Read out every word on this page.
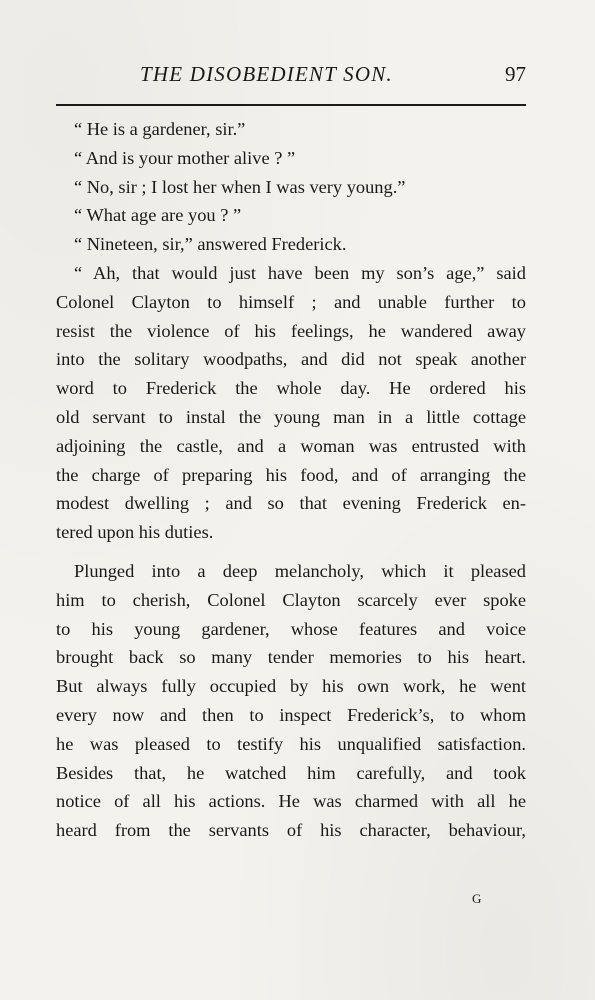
THE DISOBEDIENT SON.	97
“ He is a gardener, sir.”
“ And is your mother alive ? ”
“ No, sir ; I lost her when I was very young.”
“ What age are you ? ”
“ Nineteen, sir,” answered Frederick.
“ Ah, that would just have been my son’s age,” said
Colonel Clayton to himself ; and unable further to
resist the violence of his feelings, he wandered away
into the solitary woodpaths, and did not speak another
word to Frederick the whole day. He ordered his
old servant to instal the young man in a little cottage
adjoining the castle, and a woman was entrusted with
the charge of preparing his food, and of arranging the
modest dwelling ; and so that evening Frederick en-
tered upon his duties.
Plunged into a deep melancholy, which it pleased
him to cherish, Colonel Clayton scarcely ever spoke
to his young gardener, whose features and voice
brought back so many tender memories to his heart.
But always fully occupied by his own work, he went
every now and then to inspect Frederick’s, to whom
he was pleased to testify his unqualified satisfaction.
Besides that, he watched him carefully, and took
notice of all his actions. He was charmed with all he
heard from the servants of his character, behaviour,
G
